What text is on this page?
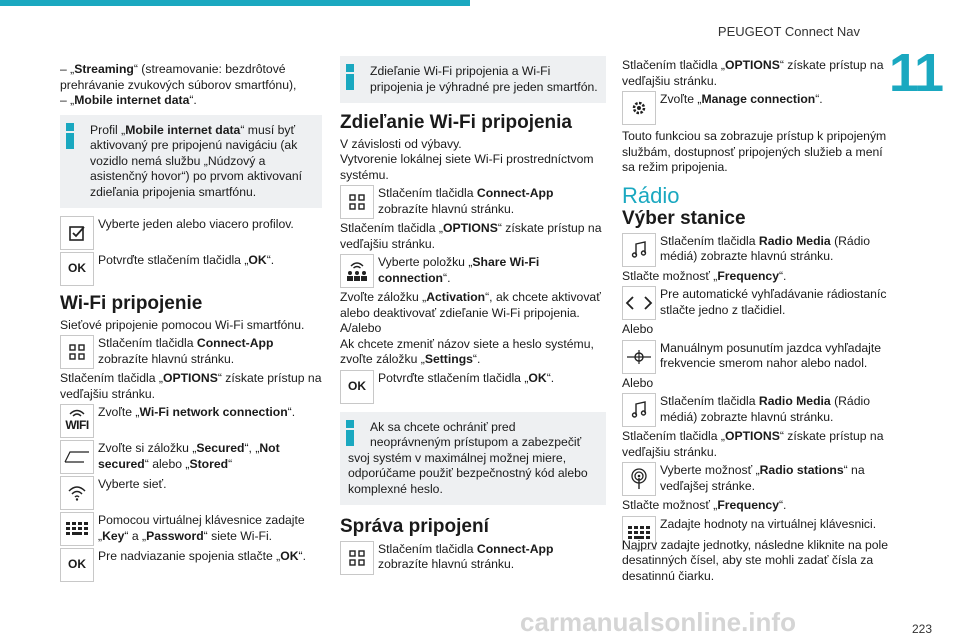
PEUGEOT Connect Nav
11

– „Streaming“ (streamovanie: bezdrôtové prehrávanie zvukových súborov smartfónu),

– „Mobile internet data“.

Profil „Mobile internet data“ musí byť aktivovaný pre pripojenú navigáciu (ak vozidlo nemá službu „Núdzový a asistenčný hovor“) po prvom aktivovaní zdieľania pripojenia smartfónu.

Vyberte jeden alebo viacero profilov.
OK
Potvrďte stlačením tlačidla „OK“.
Wi-Fi pripojenie

Sieťové pripojenie pomocou Wi-Fi smartfónu.

Stlačením tlačidla Connect-App zobrazíte hlavnú stránku.

Stlačením tlačidla „OPTIONS“ získate prístup na vedľajšiu stránku.

WIFI
Zvoľte „Wi-Fi network connection“.
Zvoľte si záložku „Secured“, „Not secured“ alebo „Stored“
Vyberte sieť.
Pomocou virtuálnej klávesnice zadajte „Key“ a „Password“ siete Wi-Fi.
OK
Pre nadviazanie spojenia stlačte „OK“.

Zdieľanie Wi-Fi pripojenia a Wi-Fi pripojenia je výhradné pre jeden smartfón.

Zdieľanie Wi-Fi pripojenia

V závislosti od výbavy.

Vytvorenie lokálnej siete Wi-Fi prostredníctvom systému.

Stlačením tlačidla Connect-App zobrazíte hlavnú stránku.

Stlačením tlačidla „OPTIONS“ získate prístup na vedľajšiu stránku.

Vyberte položku „Share Wi-Fi connection“.

Zvoľte záložku „Activation“, ak chcete aktivovať alebo deaktivovať zdieľanie Wi-Fi pripojenia.

A/alebo

Ak chcete zmeniť názov siete a heslo systému, zvoľte záložku „Settings“.

OK
Potvrďte stlačením tlačidla „OK“.

Ak sa chcete ochrániť pred

neoprávneným prístupom a zabezpečiť svoj systém v maximálnej možnej miere, odporúčame použiť bezpečnostný kód alebo komplexné heslo.

Správa pripojení
Stlačením tlačidla Connect-App zobrazíte hlavnú stránku.

Stlačením tlačidla „OPTIONS“ získate prístup na vedľajšiu stránku.

Zvoľte „Manage connection“.

Touto funkciou sa zobrazuje prístup k pripojeným službám, dostupnosť pripojených služieb a mení sa režim pripojenia.

Rádio
Výber stanice
Stlačením tlačidla Radio Media (Rádio médiá) zobrazte hlavnú stránku.

Stlačte možnosť „Frequency“.

Pre automatické vyhľadávanie rádiostaníc stlačte jedno z tlačidiel.

Alebo

Manuálnym posunutím jazdca vyhľadajte frekvencie smerom nahor alebo nadol.

Alebo

Stlačením tlačidla Radio Media (Rádio médiá) zobrazte hlavnú stránku.

Stlačením tlačidla „OPTIONS“ získate prístup na vedľajšiu stránku.

Vyberte možnosť „Radio stations“ na vedľajšej stránke.

Stlačte možnosť „Frequency“.

Zadajte hodnoty na virtuálnej klávesnici.

Najprv zadajte jednotky, následne kliknite na pole desatinných čísel, aby ste mohli zadať čísla za desatinnú čiarku.

carmanualsonline.info	223
